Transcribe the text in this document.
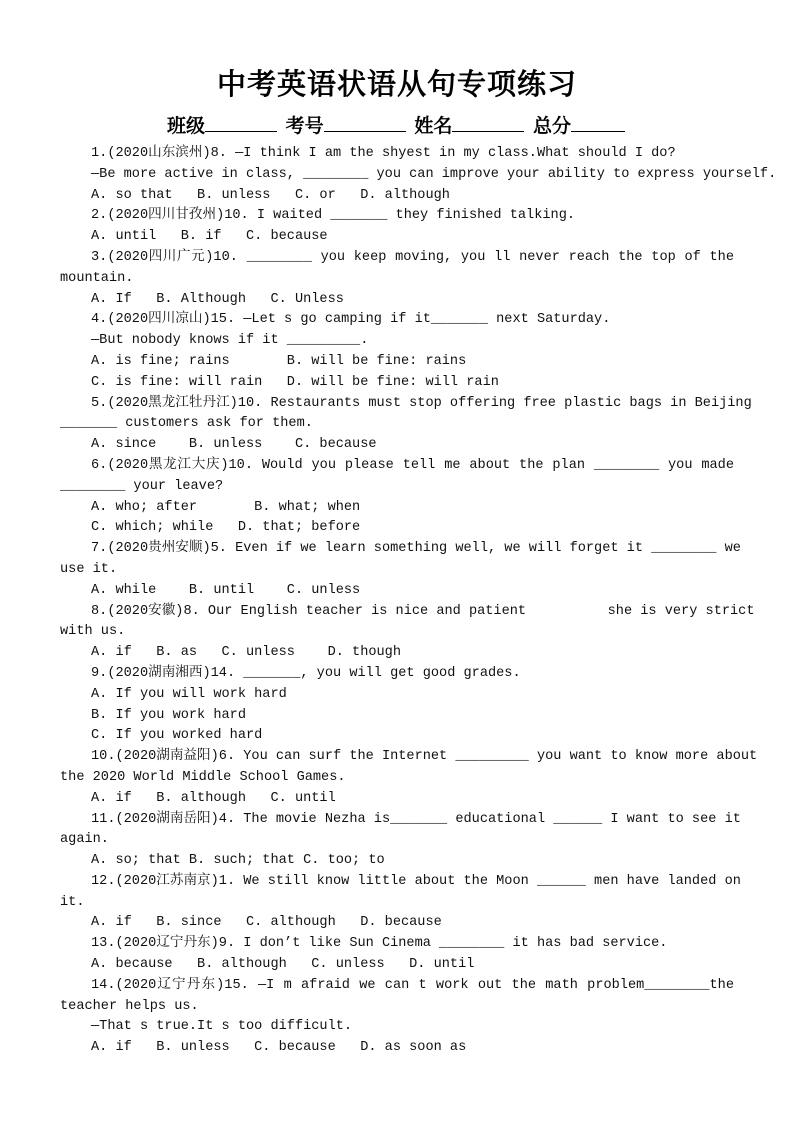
中考英语状语从句专项练习
班级	考号	姓名	总分
1.(2020山东滨州)8. —I think I am the shyest in my class.What should I do?
—Be more active in class, ________ you can improve your ability to express yourself.
A. so that   B. unless   C. or   D. although
2.(2020四川甘孜州)10. I waited _______ they finished talking.
A. until   B. if   C. because
3.(2020四川广元)10. ________ you keep moving, you ll never reach the top of the
mountain.
A. If   B. Although   C. Unless
4.(2020四川凉山)15. —Let s go camping if it_______ next Saturday.
—But nobody knows if it _________.
A. is fine; rains       B. will be fine: rains
C. is fine: will rain   D. will be fine: will rain
5.(2020黑龙江牡丹江)10. Restaurants must stop offering free plastic bags in Beijing
_______ customers ask for them.
A. since    B. unless    C. because
6.(2020黑龙江大庆)10. Would you please tell me about the plan ________ you made
________ your leave?
A. who; after       B. what; when
C. which; while   D. that; before
7.(2020贵州安顺)5. Even if we learn something well, we will forget it ________ we
use it.
A. while    B. until    C. unless
8.(2020安徽)8. Our English teacher is nice and patient          she is very strict
with us.
A. if   B. as   C. unless    D. though
9.(2020湖南湘西)14. _______, you will get good grades.
A. If you will work hard
B. If you work hard
C. If you worked hard
10.(2020湖南益阳)6. You can surf the Internet _________ you want to know more about
the 2020 World Middle School Games.
A. if   B. although   C. until
11.(2020湖南岳阳)4. The movie Nezha is_______ educational ______ I want to see it
again.
A. so; that B. such; that C. too; to
12.(2020江苏南京)1. We still know little about the Moon ______ men have landed on
it.
A. if   B. since   C. although   D. because
13.(2020辽宁丹东)9. I don’t like Sun Cinema ________ it has bad service.
A. because   B. although   C. unless   D. until
14.(2020辽宁丹东)15. —I m afraid we can t work out the math problem________the
teacher helps us.
—That s true.It s too difficult.
A. if   B. unless   C. because   D. as soon as
